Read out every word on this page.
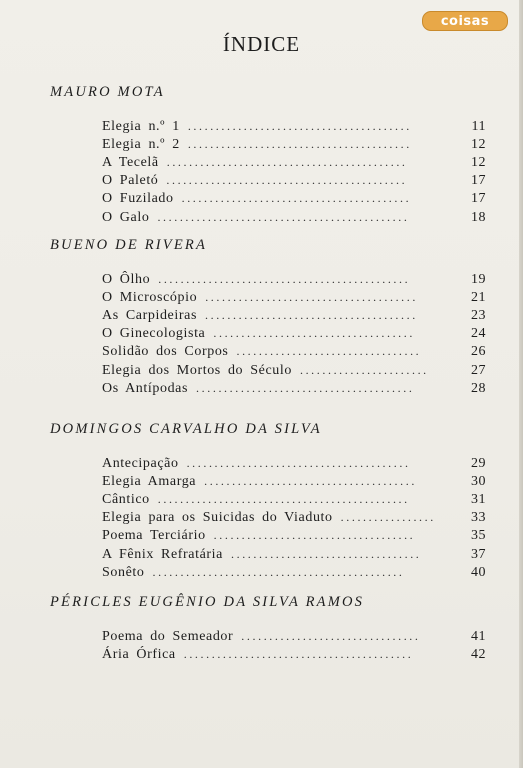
coisas
ÍNDICE
MAURO MOTA
Elegia n.º 1 ........................................	11
Elegia n.º 2 ........................................	12
A Tecelã ...........................................	12
O Paletó ...........................................	17
O Fuzilado .........................................	17
O Galo .............................................	18
BUENO DE RIVERA
O Ôlho .............................................	19
O Microscópio ......................................	21
As Carpideiras ......................................	23
O Ginecologista ....................................	24
Solidão dos Corpos .................................	26
Elegia dos Mortos do Século .......................	27
Os Antípodas .......................................	28
DOMINGOS CARVALHO DA SILVA
Antecipação ........................................	29
Elegia Amarga ......................................	30
Cântico .............................................	31
Elegia para os Suicidas do Viaduto .................	33
Poema Terciário ....................................	35
A Fênix Refratária ..................................	37
Sonêto .............................................	40
PÉRICLES EUGÊNIO DA SILVA RAMOS
Poema do Semeador ................................	41
Ária Órfica .........................................	42
